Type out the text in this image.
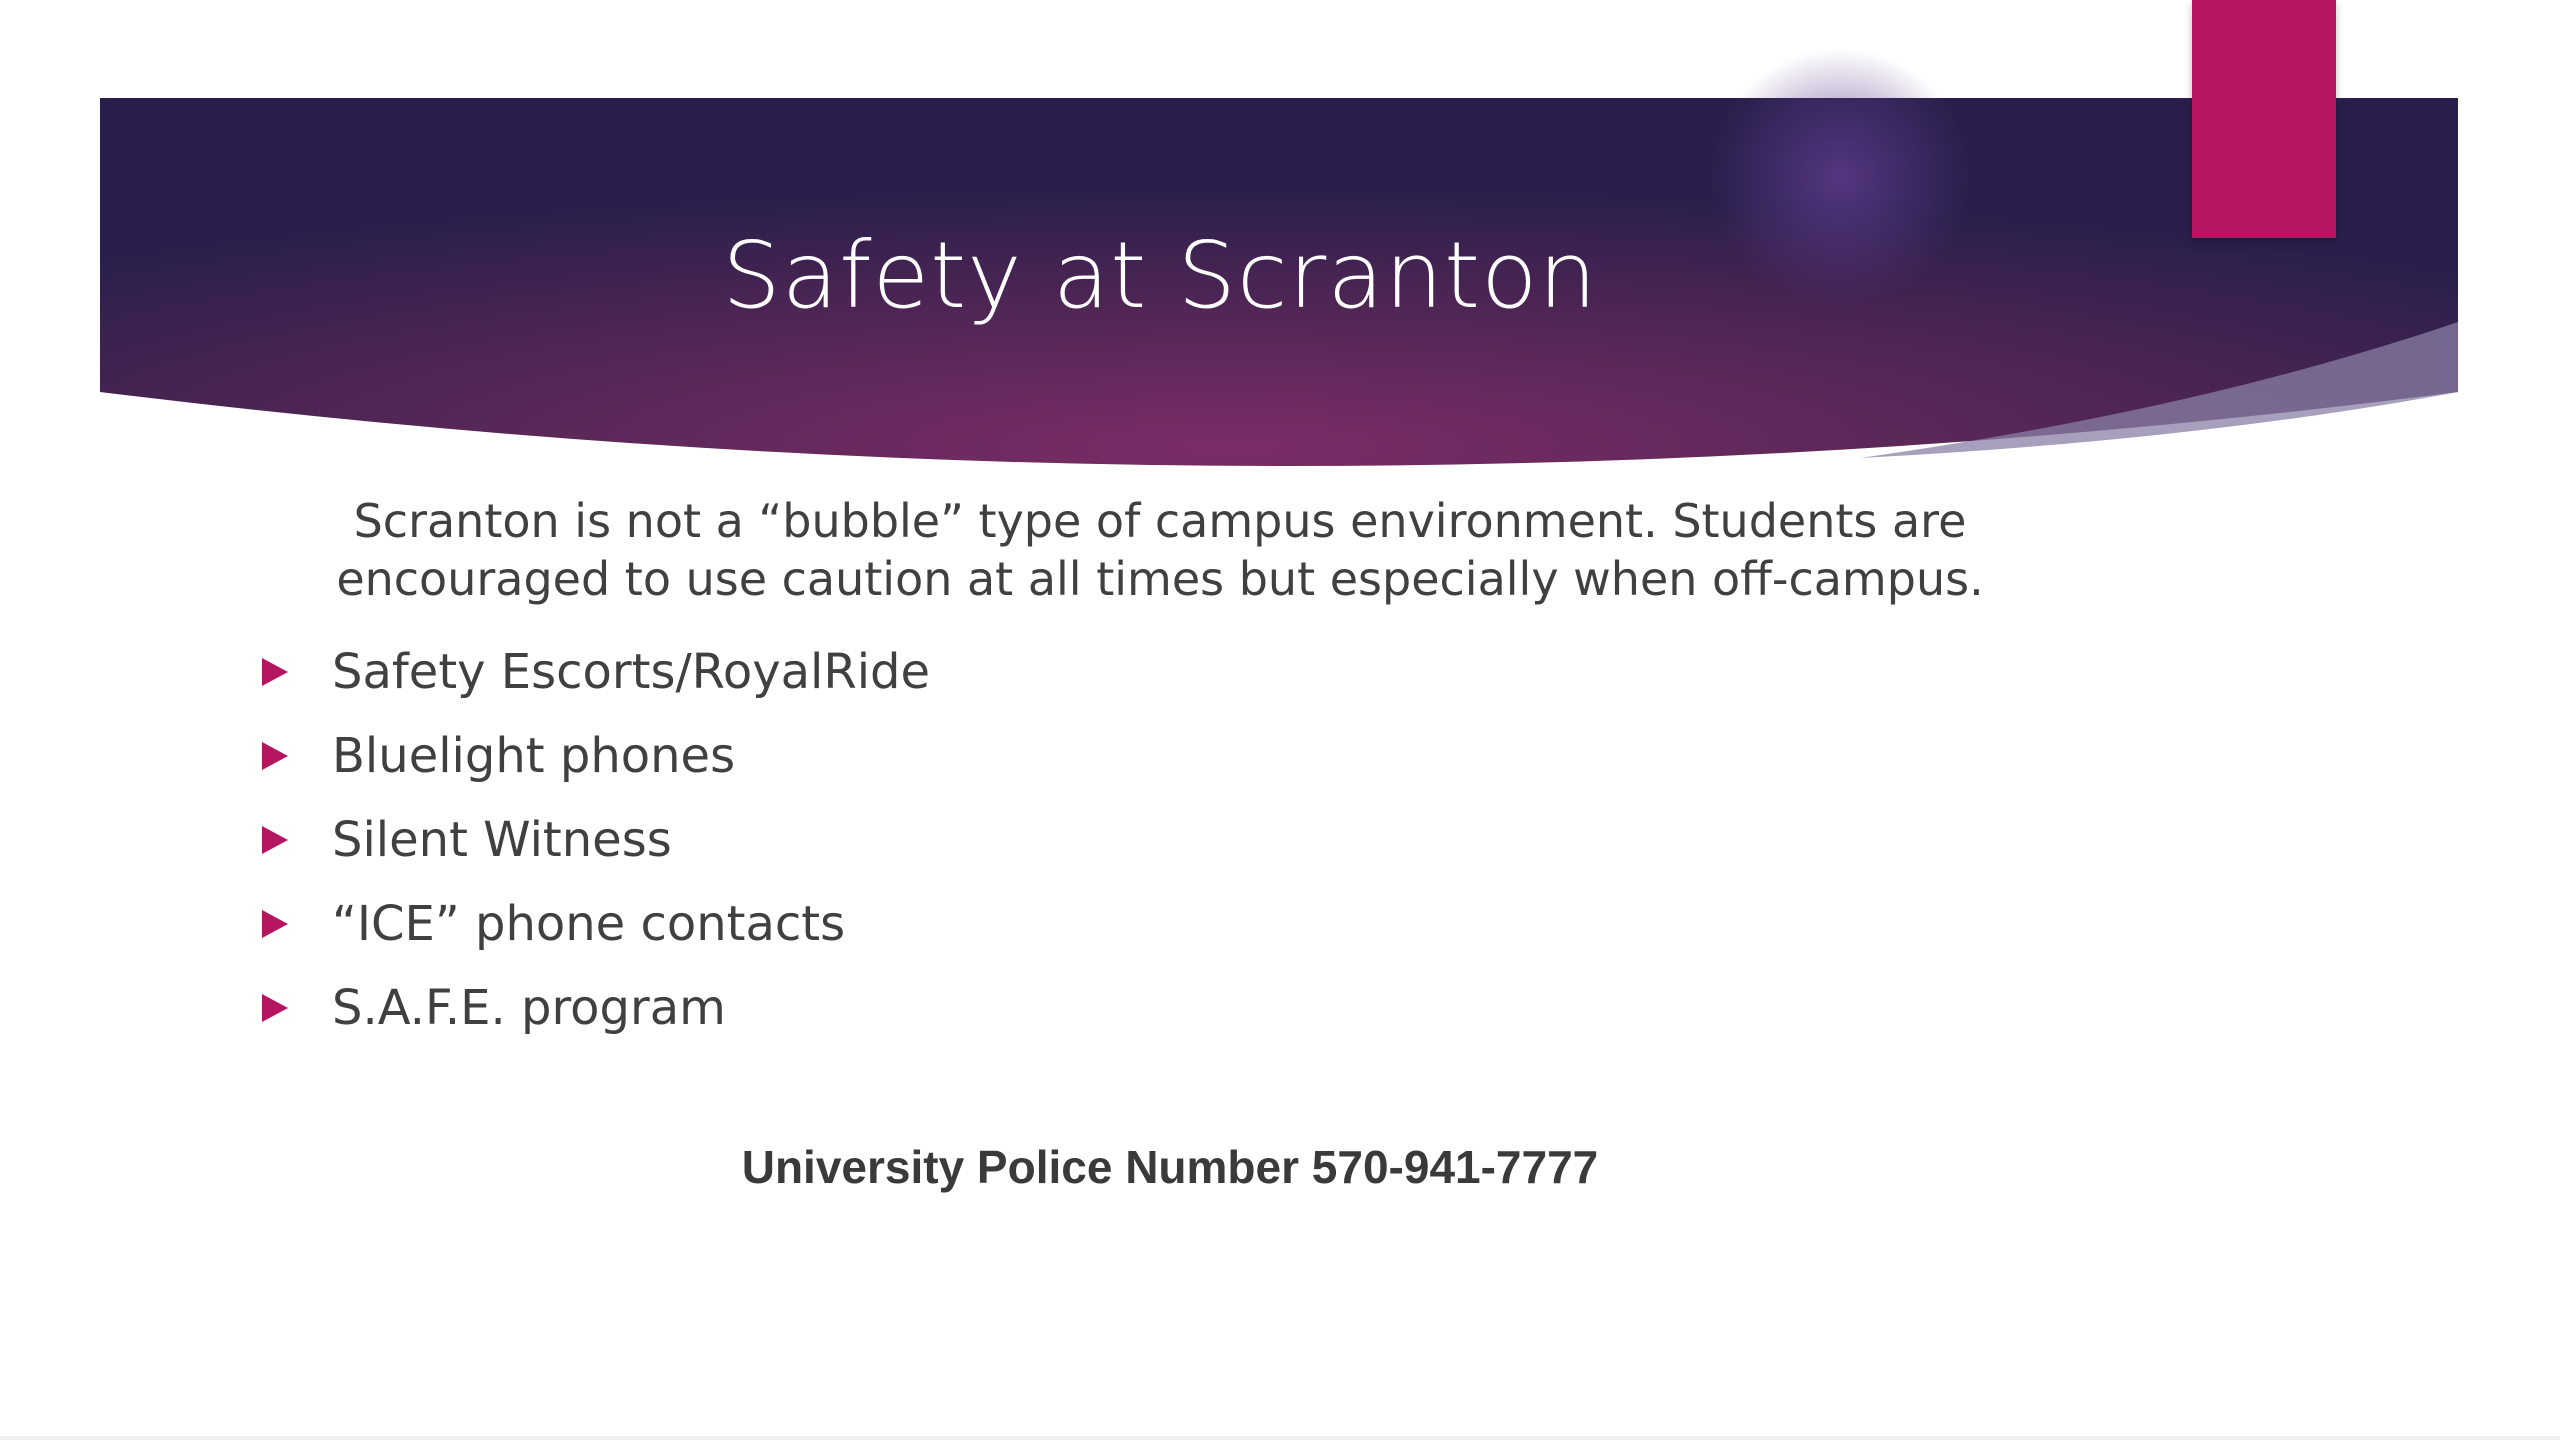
Safety at Scranton

Scranton is not a “bubble” type of campus environment. Students are encouraged to use caution at all times but especially when off-campus.

Safety Escorts/RoyalRide
Bluelight phones
Silent Witness
“ICE” phone contacts
S.A.F.E. program

University Police Number 570-941-7777
